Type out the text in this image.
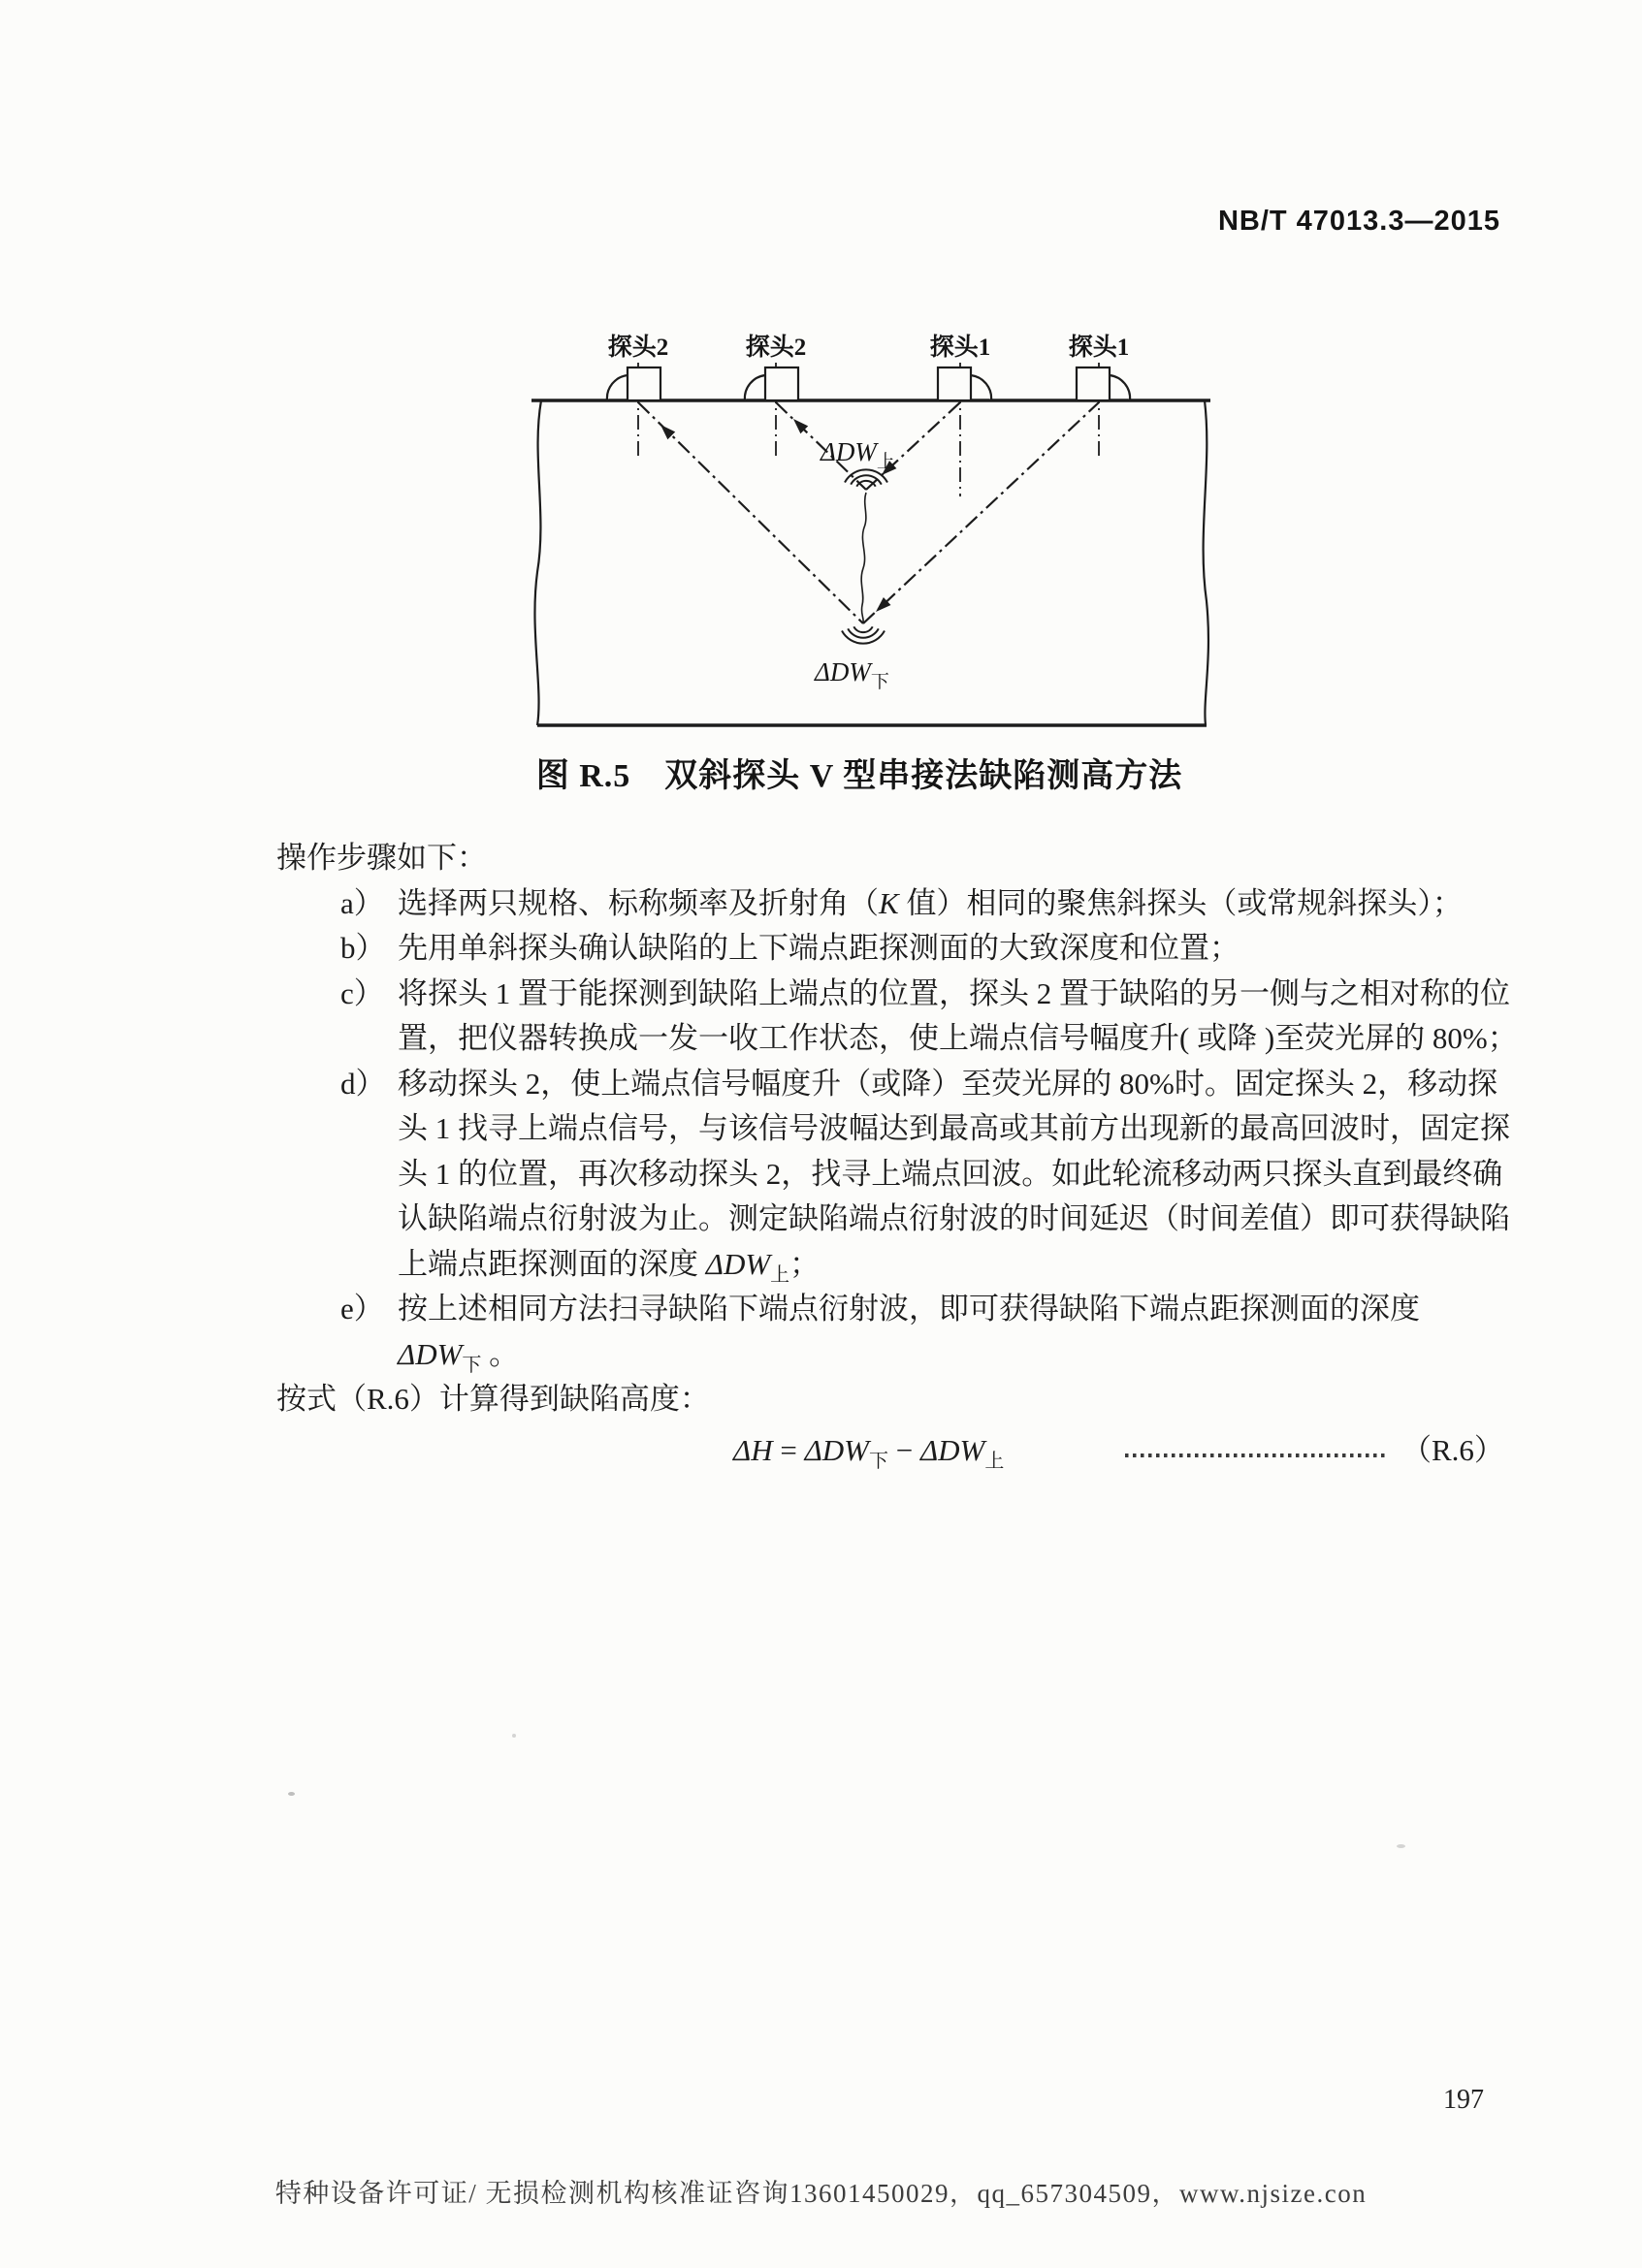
NB/T 47013.3—2015
探头2	探头2	探头1	探头1
$\Delta DW_上$
$\Delta DW_下$
图 R.5　双斜探头 V 型串接法缺陷测高方法
操作步骤如下：
a） 选择两只规格、标称频率及折射角（K 值）相同的聚焦斜探头（或常规斜探头）；
b） 先用单斜探头确认缺陷的上下端点距探测面的大致深度和位置；
c） 将探头 1 置于能探测到缺陷上端点的位置，探头 2 置于缺陷的另一侧与之相对称的位
置，把仪器转换成一发一收工作状态，使上端点信号幅度升( 或降 )至荧光屏的 80%；
d） 移动探头 2，使上端点信号幅度升（或降）至荧光屏的 80%时。固定探头 2，移动探
头 1 找寻上端点信号，与该信号波幅达到最高或其前方出现新的最高回波时，固定探
头 1 的位置，再次移动探头 2，找寻上端点回波。如此轮流移动两只探头直到最终确
认缺陷端点衍射波为止。测定缺陷端点衍射波的时间延迟（时间差值）即可获得缺陷
上端点距探测面的深度 $\Delta DW_上$；
e） 按上述相同方法扫寻缺陷下端点衍射波，即可获得缺陷下端点距探测面的深度
$\Delta DW_下$ 。
按式（R.6）计算得到缺陷高度：
$\Delta H = \Delta DW_下 - \Delta DW_上$	（R.6）
197
特种设备许可证/ 无损检测机构核准证咨询13601450029，qq_657304509，www.njsize.con
